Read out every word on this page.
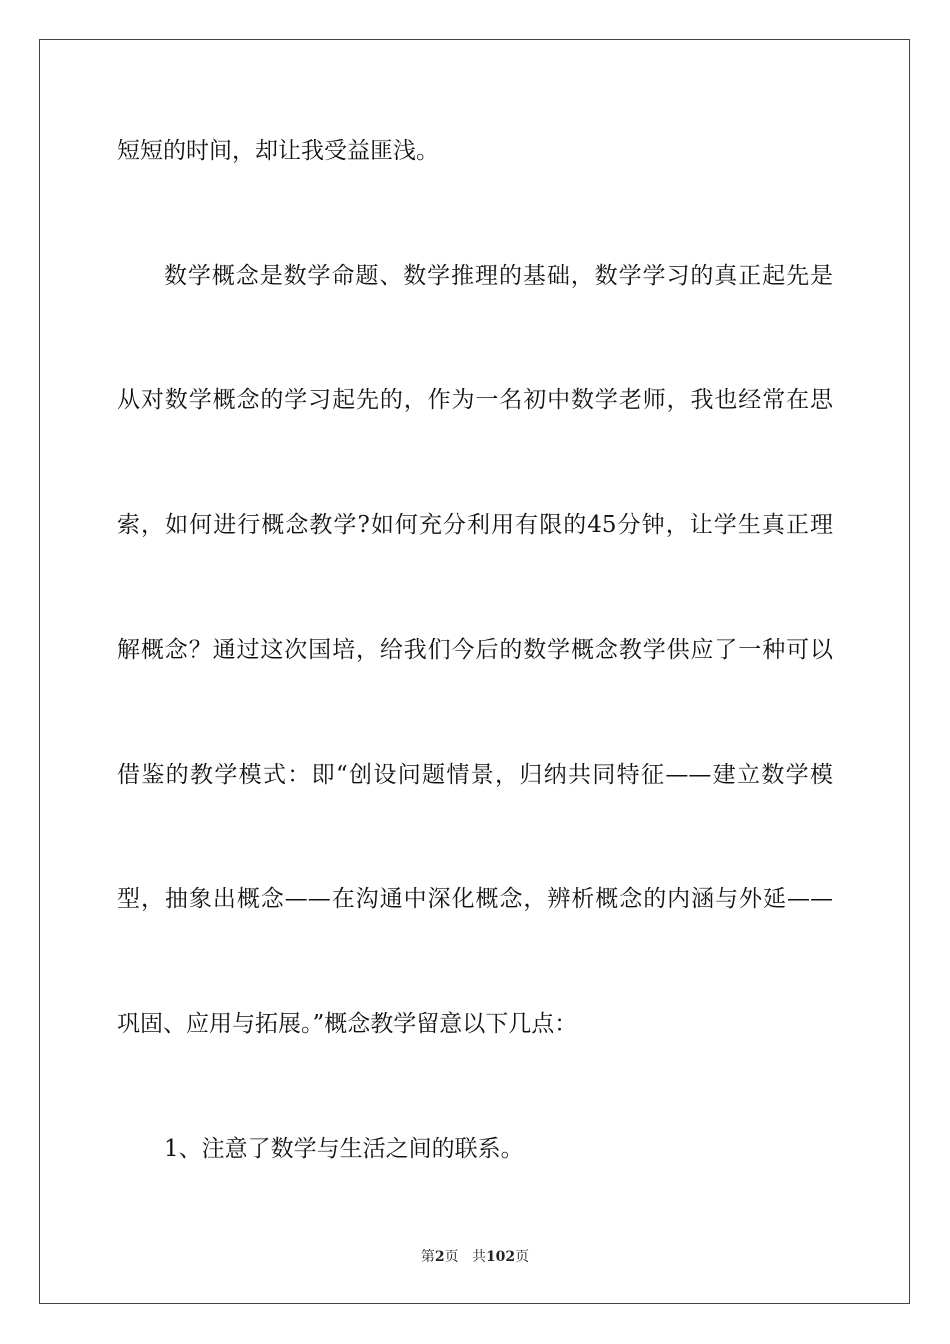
短短的时间，却让我受益匪浅。
数学概念是数学命题、数学推理的基础，数学学习的真正起先是
从对数学概念的学习起先的，作为一名初中数学老师，我也经常在思
索，如何进行概念教学?如何充分利用有限的45分钟，让学生真正理
解概念？通过这次国培，给我们今后的数学概念教学供应了一种可以
借鉴的教学模式：即“创设问题情景，归纳共同特征——建立数学模
型，抽象出概念——在沟通中深化概念，辨析概念的内涵与外延——
巩固、应用与拓展。”概念教学留意以下几点：
1、注意了数学与生活之间的联系。
第2页 共102页
